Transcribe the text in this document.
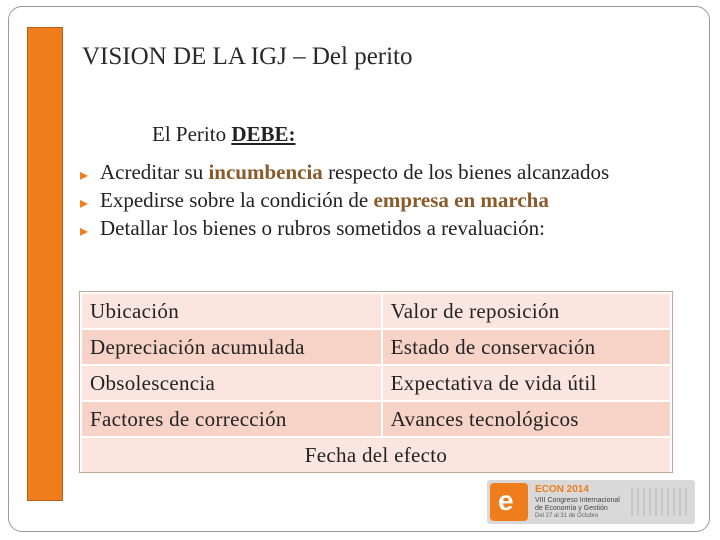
VISION DE LA IGJ – Del perito
El Perito DEBE:
▸ Acreditar su incumbencia respecto de los bienes alcanzados
▸ Expedirse sobre la condición de empresa en marcha
▸ Detallar los bienes o rubros sometidos a revaluación:
Ubicación	Valor de reposición
Depreciación acumulada	Estado de conservación
Obsolescencia	Expectativa de vida útil
Factores de corrección	Avances tecnológicos
Fecha del efecto	
e ECON 2014
VIII Congreso Internacional
de Economía y Gestión
Del 27 al 31 de Octubre
